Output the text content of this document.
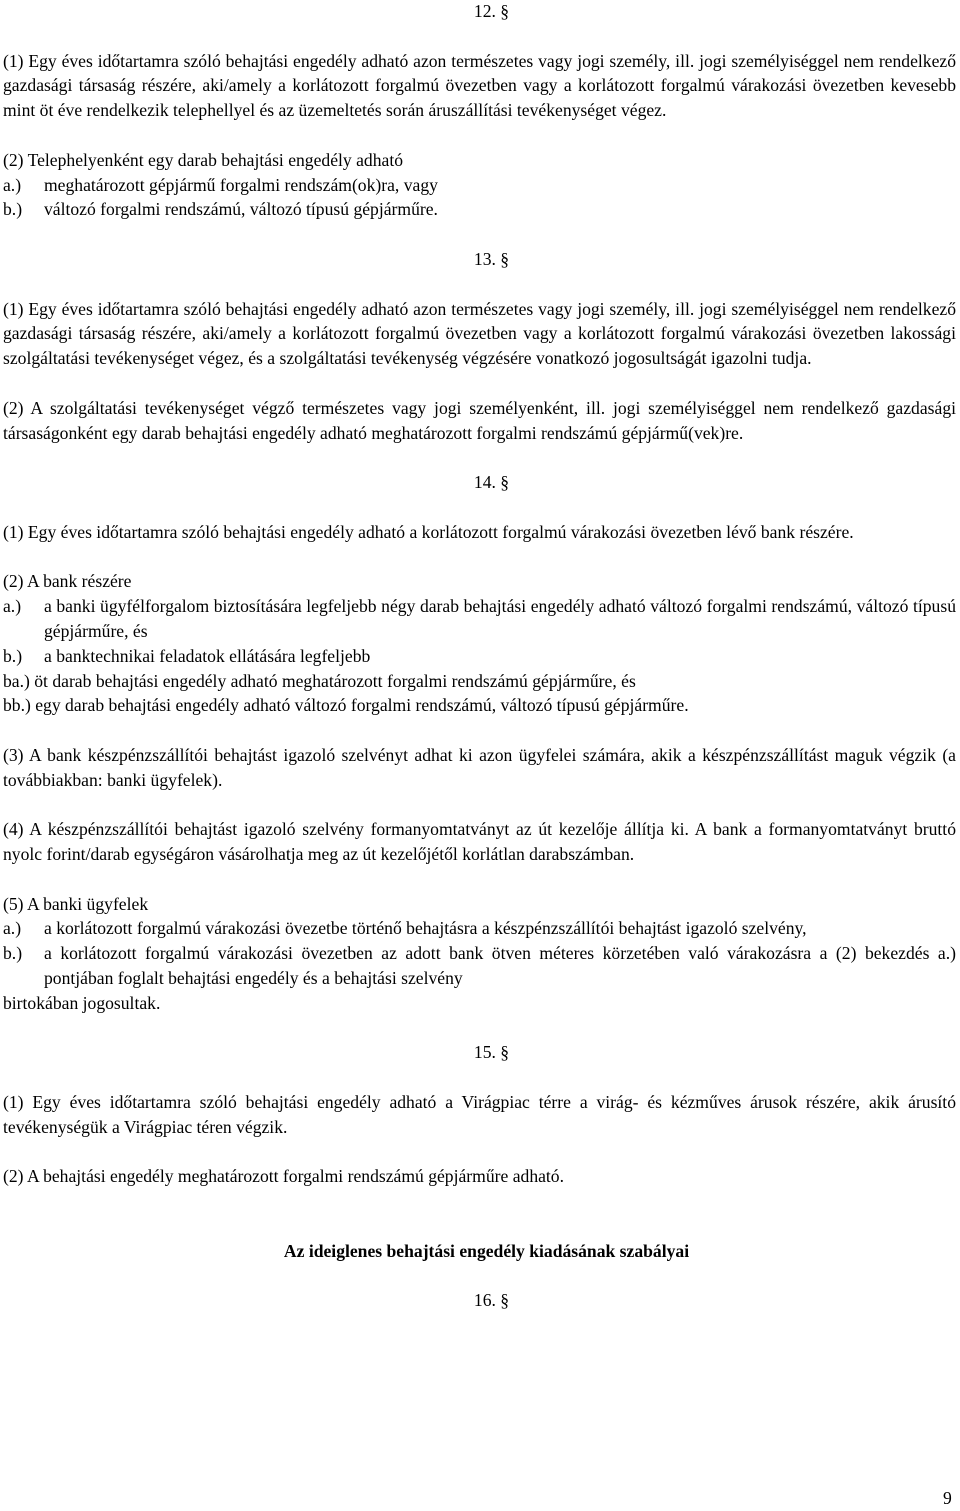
12. §
(1) Egy éves időtartamra szóló behajtási engedély adható azon természetes vagy jogi személy, ill. jogi személyiséggel nem rendelkező gazdasági társaság részére, aki/amely a korlátozott forgalmú övezetben vagy a korlátozott forgalmú várakozási övezetben kevesebb mint öt éve rendelkezik telephellyel és az üzemeltetés során áruszállítási tevékenységet végez.
(2) Telephelyenként egy darab behajtási engedély adható
a.) meghatározott gépjármű forgalmi rendszám(ok)ra, vagy
b.) változó forgalmi rendszámú, változó típusú gépjárműre.
13. §
(1) Egy éves időtartamra szóló behajtási engedély adható azon természetes vagy jogi személy, ill. jogi személyiséggel nem rendelkező gazdasági társaság részére, aki/amely a korlátozott forgalmú övezetben vagy a korlátozott forgalmú várakozási övezetben lakossági szolgáltatási tevékenységet végez, és a szolgáltatási tevékenység végzésére vonatkozó jogosultságát igazolni tudja.
(2) A szolgáltatási tevékenységet végző természetes vagy jogi személyenként, ill. jogi személyiséggel nem rendelkező gazdasági társaságonként egy darab behajtási engedély adható meghatározott forgalmi rendszámú gépjármű(vek)re.
14. §
(1) Egy éves időtartamra szóló behajtási engedély adható a korlátozott forgalmú várakozási övezetben lévő bank részére.
(2) A bank részére
a.) a banki ügyfélforgalom biztosítására legfeljebb négy darab behajtási engedély adható változó forgalmi rendszámú, változó típusú gépjárműre, és
b.) a banktechnikai feladatok ellátására legfeljebb
ba.) öt darab behajtási engedély adható meghatározott forgalmi rendszámú gépjárműre, és
bb.) egy darab behajtási engedély adható változó forgalmi rendszámú, változó típusú gépjárműre.
(3) A bank készpénzszállítói behajtást igazoló szelvényt adhat ki azon ügyfelei számára, akik a készpénzszállítást maguk végzik (a továbbiakban: banki ügyfelek).
(4) A készpénzszállítói behajtást igazoló szelvény formanyomtatványt az út kezelője állítja ki. A bank a formanyomtatványt bruttó nyolc forint/darab egységáron vásárolhatja meg az út kezelőjétől korlátlan darabszámban.
(5) A banki ügyfelek
a.) a korlátozott forgalmú várakozási övezetbe történő behajtásra a készpénzszállítói behajtást igazoló szelvény,
b.) a korlátozott forgalmú várakozási övezetben az adott bank ötven méteres körzetében való várakozásra a (2) bekezdés a.) pontjában foglalt behajtási engedély és a behajtási szelvény
birtokában jogosultak.
15. §
(1) Egy éves időtartamra szóló behajtási engedély adható a Virágpiac térre a virág- és kézműves árusok részére, akik árusító tevékenységük a Virágpiac téren végzik.
(2) A behajtási engedély meghatározott forgalmi rendszámú gépjárműre adható.
Az ideiglenes behajtási engedély kiadásának szabályai
16. §
9
